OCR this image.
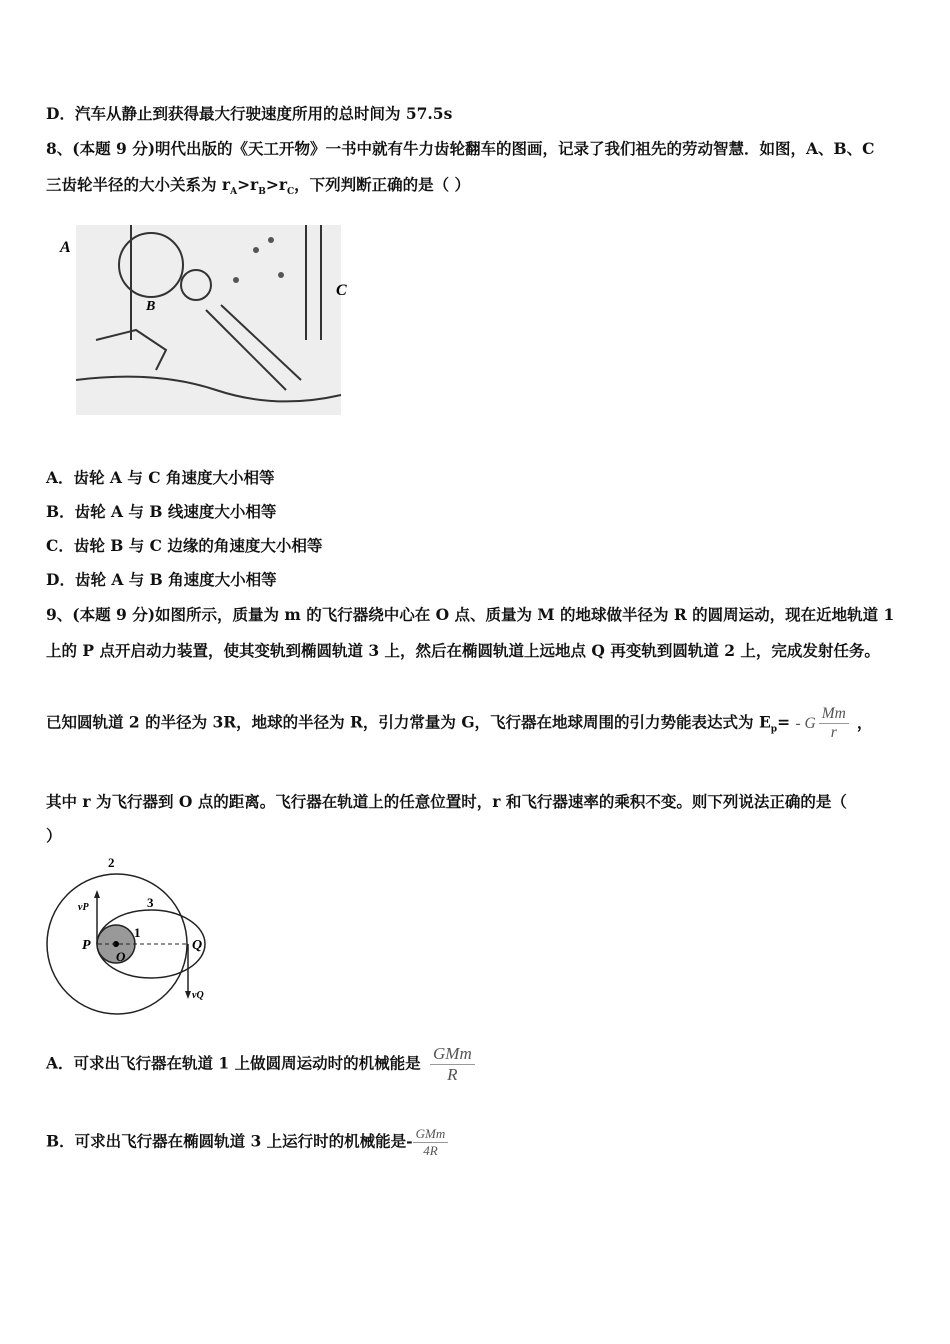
D．汽车从静止到获得最大行驶速度所用的总时间为 57.5s
8、(本题 9 分)明代出版的《天工开物》一书中就有牛力齿轮翻车的图画，记录了我们祖先的劳动智慧．如图，A、B、C
三齿轮半径的大小关系为 $r_A>r_B>r_C$，下列判断正确的是（ ）
A
B
C
A．齿轮 A 与 C 角速度大小相等
B．齿轮 A 与 B 线速度大小相等
C．齿轮 B 与 C 边缘的角速度大小相等
D．齿轮 A 与 B 角速度大小相等
9、(本题 9 分)如图所示，质量为 m 的飞行器绕中心在 O 点、质量为 M 的地球做半径为 R 的圆周运动，现在近地轨道 1
上的 P 点开启动力装置，使其变轨到椭圆轨道 3 上，然后在椭圆轨道上远地点 Q 再变轨到圆轨道 2 上，完成发射任务。
已知圆轨道 2 的半径为 3R，地球的半径为 R，引力常量为 G，飞行器在地球周围的引力势能表达式为 $E_p= - G \frac{Mm}{r}$ ，
其中 r 为飞行器到 O 点的距离。飞行器在轨道上的任意位置时，r 和飞行器速率的乘积不变。则下列说法正确的是（
）
2
3
1
P	Q
O
vP
vQ
A．可求出飞行器在轨道 1 上做圆周运动时的机械能是 $\frac{\text{GMm}}{R}$
B．可求出飞行器在椭圆轨道 3 上运行时的机械能是- $\frac{\text{GMm}}{4R}$
